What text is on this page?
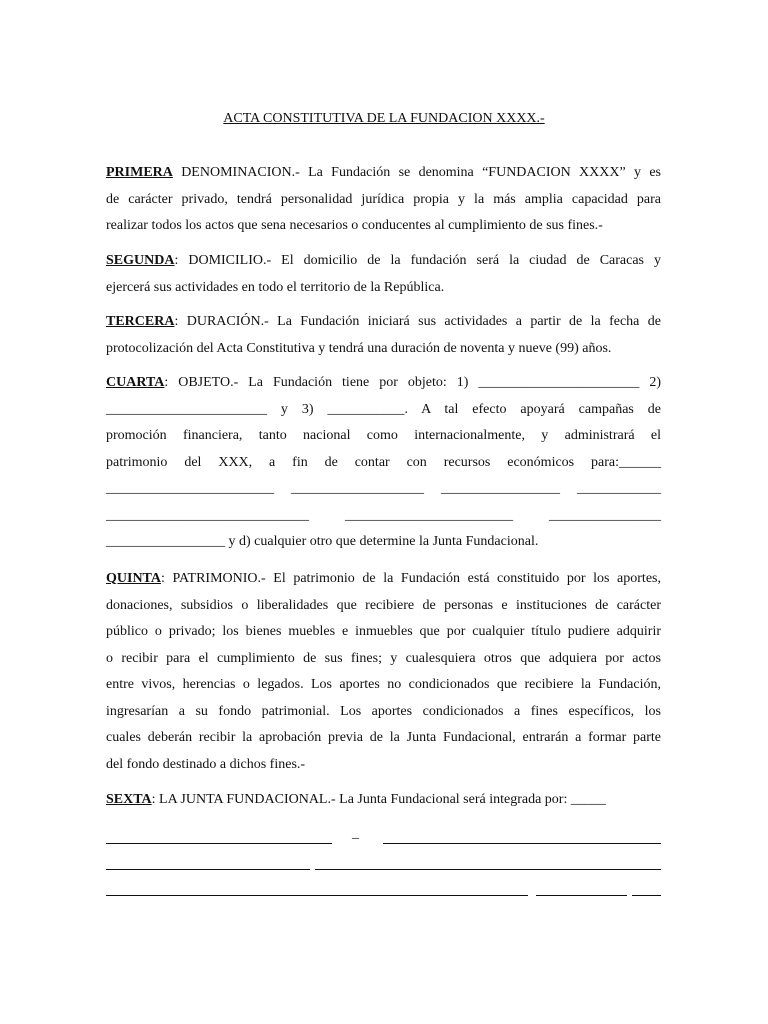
ACTA CONSTITUTIVA DE LA FUNDACION XXXX.-
PRIMERA DENOMINACION.- La Fundación se denomina “FUNDACION XXXX” y es
de carácter privado, tendrá personalidad jurídica propia y la más amplia capacidad para
realizar todos los actos que sena necesarios o conducentes al cumplimiento de sus fines.-
SEGUNDA: DOMICILIO.- El domicilio de la fundación será la ciudad de Caracas y
ejercerá sus actividades en todo el territorio de la República.
TERCERA: DURACIÓN.- La Fundación iniciará sus actividades a partir de la fecha de
protocolización del Acta Constitutiva y tendrá una duración de noventa y nueve (99) años.
CUARTA: OBJETO.- La Fundación tiene por objeto: 1) _______________________ 2)
_______________________ y 3) ___________. A tal efecto apoyará campañas de
promoción financiera, tanto nacional como internacionalmente, y administrará el
patrimonio del XXX, a fin de contar con recursos económicos para:______
________________________ ___________________ _________________ ____________
_____________________________ ________________________ ________________
_________________ y d) cualquier otro que determine la Junta Fundacional.
QUINTA: PATRIMONIO.- El patrimonio de la Fundación está constituido por los aportes,
donaciones, subsidios o liberalidades que recibiere de personas e instituciones de carácter
público o privado; los bienes muebles e inmuebles que por cualquier título pudiere adquirir
o recibir para el cumplimiento de sus fines; y cualesquiera otros que adquiera por actos
entre vivos, herencias o legados. Los aportes no condicionados que recibiere la Fundación,
ingresarían a su fondo patrimonial. Los aportes condicionados a fines específicos, los
cuales deberán recibir la aprobación previa de la Junta Fundacional, entrarán a formar parte
del fondo destinado a dichos fines.-
SEXTA: LA JUNTA FUNDACIONAL.- La Junta Fundacional será integrada por: _____
_
